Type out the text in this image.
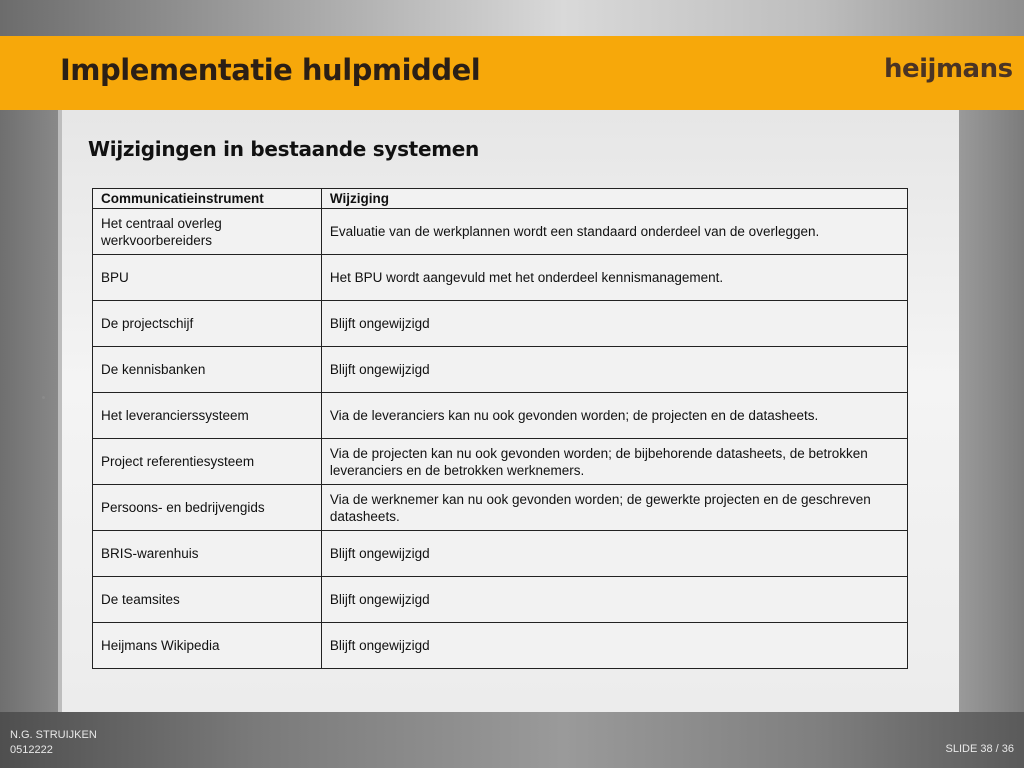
Implementatie hulpmiddel	heijmans
Wijzigingen in bestaande systemen
Communicatieinstrument	Wijziging
Het centraal overleg werkvoorbereiders	Evaluatie van de werkplannen wordt een standaard onderdeel van de overleggen.
BPU	Het BPU wordt aangevuld met het onderdeel kennismanagement.
De projectschijf	Blijft ongewijzigd
De kennisbanken	Blijft ongewijzigd
Het leverancierssysteem	Via de leveranciers kan nu ook gevonden worden; de projecten en de datasheets.
Project referentiesysteem	Via de projecten kan nu ook gevonden worden; de bijbehorende datasheets, de betrokken leveranciers en de betrokken werknemers.
Persoons- en bedrijvengids	Via de werknemer kan nu ook gevonden worden; de gewerkte projecten en de geschreven datasheets.
BRIS-warenhuis	Blijft ongewijzigd
De teamsites	Blijft ongewijzigd
Heijmans Wikipedia	Blijft ongewijzigd
N.G. STRUIJKEN
0512222	SLIDE 38 / 36
